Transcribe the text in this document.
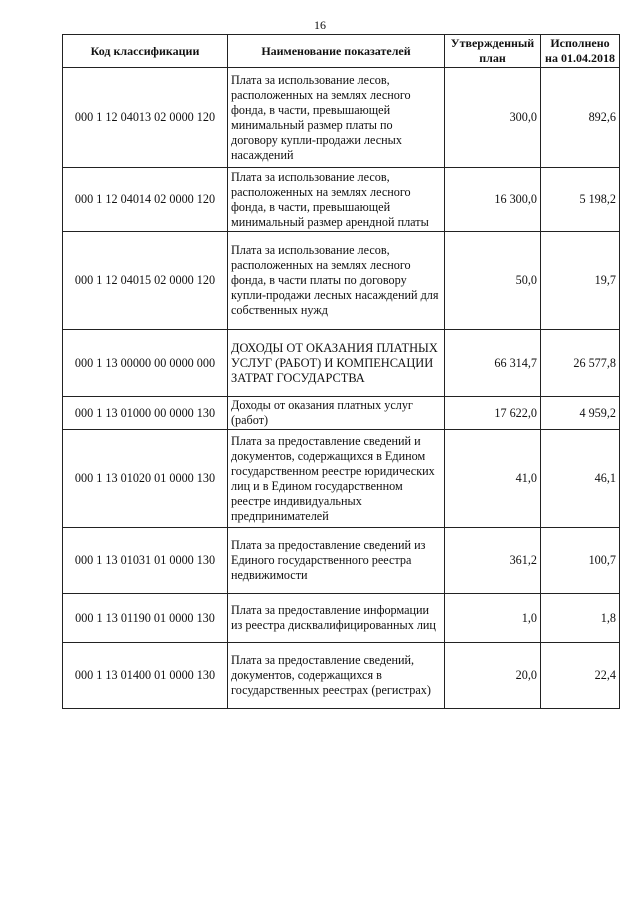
16
Код классификации	Наименование показателей	Утвержденный план	Исполнено на 01.04.2018
000 1 12 04013 02 0000 120	Плата за использование лесов, расположенных на землях лесного фонда, в части, превышающей минимальный размер платы по договору купли-продажи лесных насаждений	300,0	892,6
000 1 12 04014 02 0000 120	Плата за использование лесов, расположенных на землях лесного фонда, в части, превышающей минимальный размер арендной платы	16 300,0	5 198,2
000 1 12 04015 02 0000 120	Плата за использование лесов, расположенных на землях лесного фонда, в части платы по договору купли-продажи лесных насаждений для собственных нужд	50,0	19,7
000 1 13 00000 00 0000 000	ДОХОДЫ ОТ ОКАЗАНИЯ ПЛАТНЫХ УСЛУГ (РАБОТ) И КОМПЕНСАЦИИ ЗАТРАТ ГОСУДАРСТВА	66 314,7	26 577,8
000 1 13 01000 00 0000 130	Доходы от оказания платных услуг (работ)	17 622,0	4 959,2
000 1 13 01020 01 0000 130	Плата за предоставление сведений и документов, содержащихся в Едином государственном реестре юридических лиц и в Едином государственном реестре индивидуальных предпринимателей	41,0	46,1
000 1 13 01031 01 0000 130	Плата за предоставление сведений из Единого государственного реестра недвижимости	361,2	100,7
000 1 13 01190 01 0000 130	Плата за предоставление информации из реестра дисквалифицированных лиц	1,0	1,8
000 1 13 01400 01 0000 130	Плата за предоставление сведений, документов, содержащихся в государственных реестрах (регистрах)	20,0	22,4
